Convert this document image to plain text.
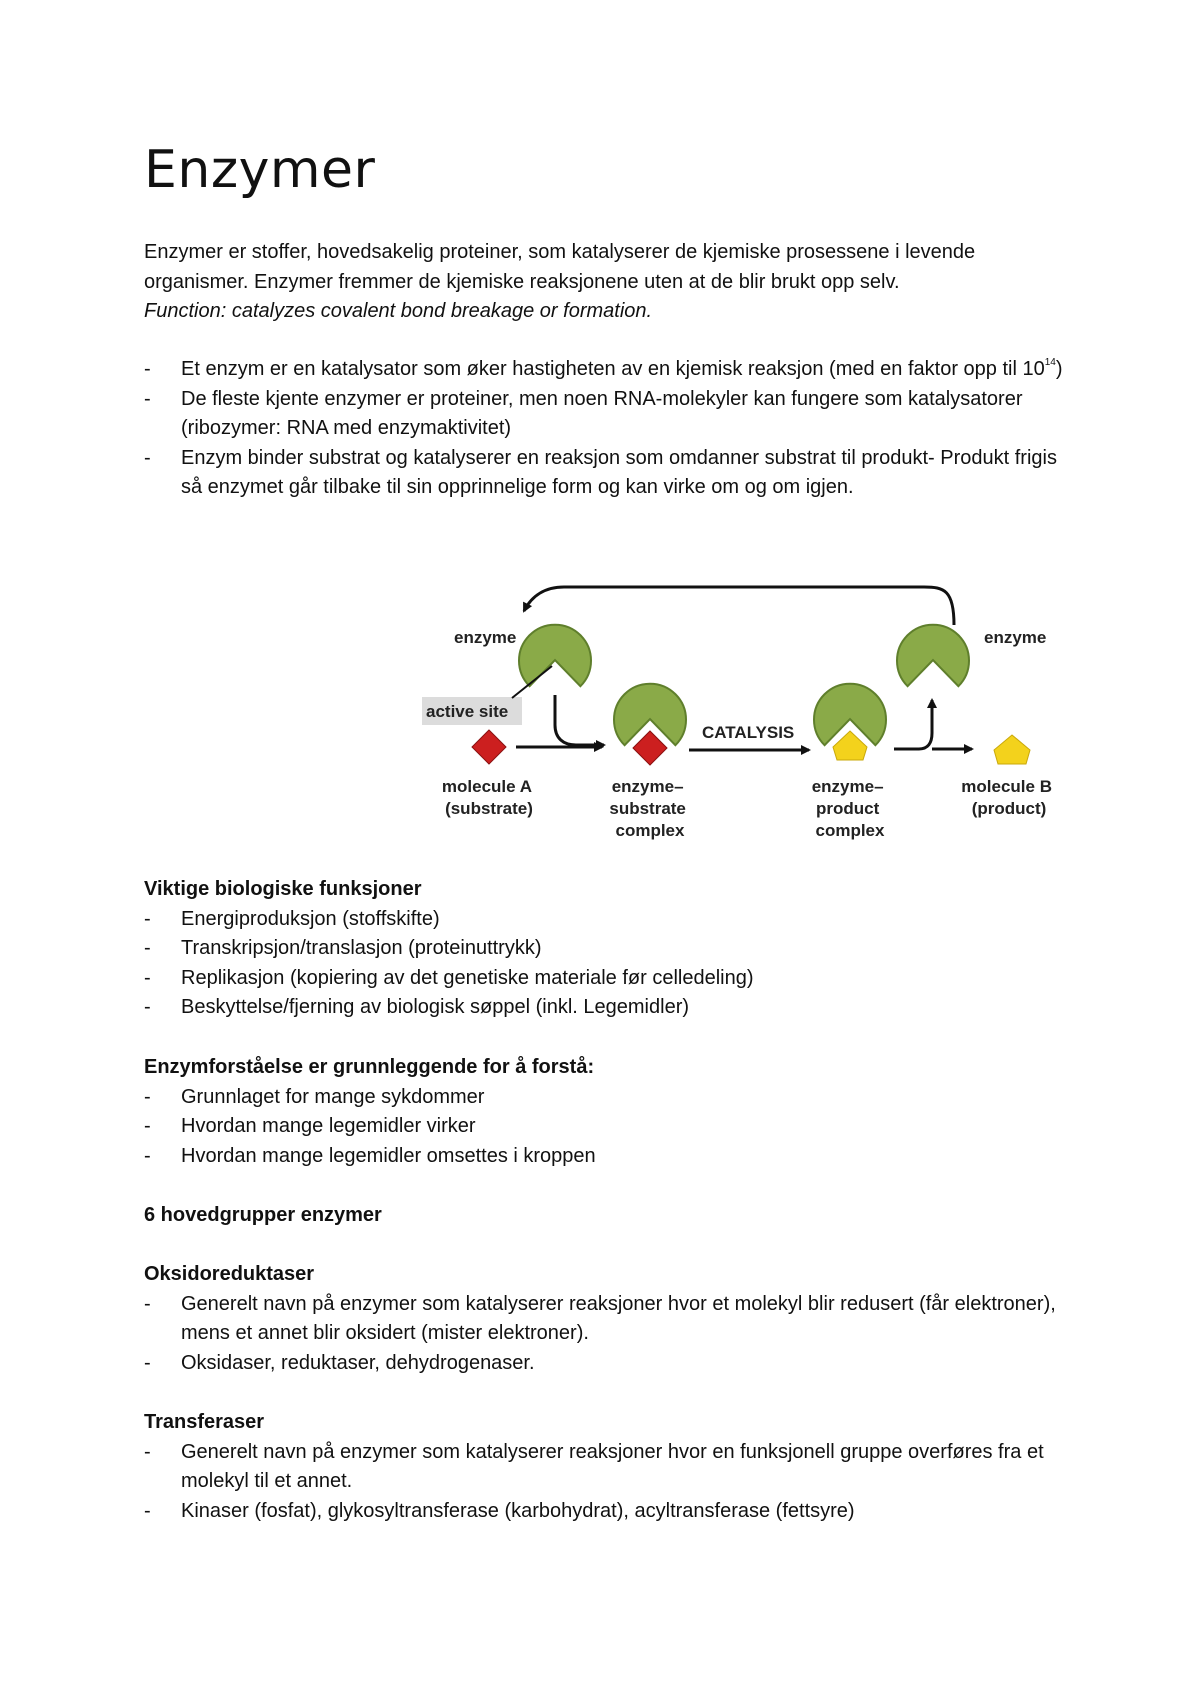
Enzymer

Enzymer er stoffer, hovedsakelig proteiner, som katalyserer de kjemiske prosessene i levende organismer. Enzymer fremmer de kjemiske reaksjonene uten at de blir brukt opp selv.

Function: catalyzes covalent bond breakage or formation.

- Et enzym er en katalysator som øker hastigheten av en kjemisk reaksjon (med en faktor opp til $10^{14}$)
- De fleste kjente enzymer er proteiner, men noen RNA-molekyler kan fungere som katalysatorer (ribozymer: RNA med enzymaktivitet)
- Enzym binder substrat og katalyserer en reaksjon som omdanner substrat til produkt- Produkt frigis så enzymet går tilbake til sin opprinnelige form og kan virke om og om igjen.
enzyme	enzyme
active site
CATALYSIS
molecule A (substrate)
enzyme– substrate complex
enzyme– product complex
molecule B (product)

Viktige biologiske funksjoner

- Energiproduksjon (stoffskifte)
- Transkripsjon/translasjon (proteinuttrykk)
- Replikasjon (kopiering av det genetiske materiale før celledeling)
- Beskyttelse/fjerning av biologisk søppel (inkl. Legemidler)

Enzymforståelse er grunnleggende for å forstå:

- Grunnlaget for mange sykdommer
- Hvordan mange legemidler virker
- Hvordan mange legemidler omsettes i kroppen

6 hovedgrupper enzymer

Oksidoreduktaser

- Generelt navn på enzymer som katalyserer reaksjoner hvor et molekyl blir redusert (får elektroner), mens et annet blir oksidert (mister elektroner).
- Oksidaser, reduktaser, dehydrogenaser.

Transferaser

- Generelt navn på enzymer som katalyserer reaksjoner hvor en funksjonell gruppe overføres fra et molekyl til et annet.
- Kinaser (fosfat), glykosyltransferase (karbohydrat), acyltransferase (fettsyre)
